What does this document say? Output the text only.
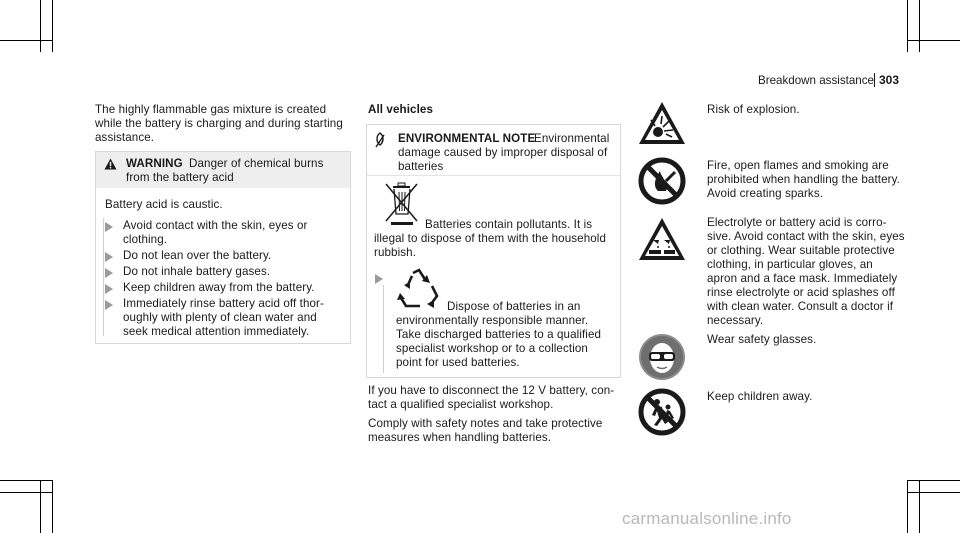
Breakdown assistance 303
The highly flammable gas mixture is created
while the battery is charging and during starting
assistance.
WARNING Danger of chemical burns
from the battery acid
Battery acid is caustic.
Avoid contact with the skin, eyes or
clothing.
Do not lean over the battery.
Do not inhale battery gases.
Keep children away from the battery.
Immediately rinse battery acid off thor-
oughly with plenty of clean water and
seek medical attention immediately.
All vehicles
ENVIRONMENTAL NOTE
Environmental
damage caused by improper disposal of
batteries
Batteries contain pollutants. It is
illegal to dispose of them with the household
rubbish.
Dispose of batteries in an
environmentally responsible manner.
Take discharged batteries to a qualified
specialist workshop or to a collection
point for used batteries.
If you have to disconnect the 12 V battery, con-
tact a qualified specialist workshop.
Comply with safety notes and take protective
measures when handling batteries.
Risk of explosion.
Fire, open flames and smoking are
prohibited when handling the battery.
Avoid creating sparks.
Electrolyte or battery acid is corro-
sive. Avoid contact with the skin, eyes
or clothing. Wear suitable protective
clothing, in particular gloves, an
apron and a face mask. Immediately
rinse electrolyte or acid splashes off
with clean water. Consult a doctor if
necessary.
Wear safety glasses.
Keep children away.
carmanualsonline.info
